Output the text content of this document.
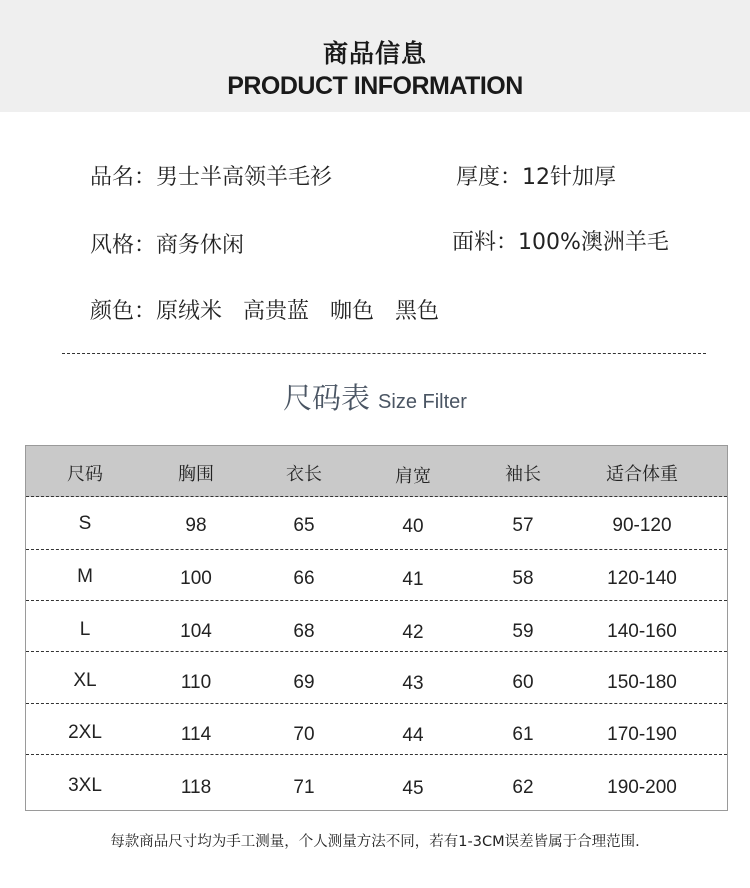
商品信息
PRODUCT INFORMATION
品名：男士半高领羊毛衫	厚度：12针加厚
风格：商务休闲	面料：100%澳洲羊毛
颜色：原绒米   高贵蓝   咖色   黑色
尺码表 Size Filter
尺码	胸围	衣长	肩宽	袖长	适合体重
S	98	65	40	57	90-120
M	100	66	41	58	120-140
L	104	68	42	59	140-160
XL	110	69	43	60	150-180
2XL	114	70	44	61	170-190
3XL	118	71	45	62	190-200
每款商品尺寸均为手工测量，个人测量方法不同，若有1-3CM误差皆属于合理范围.
